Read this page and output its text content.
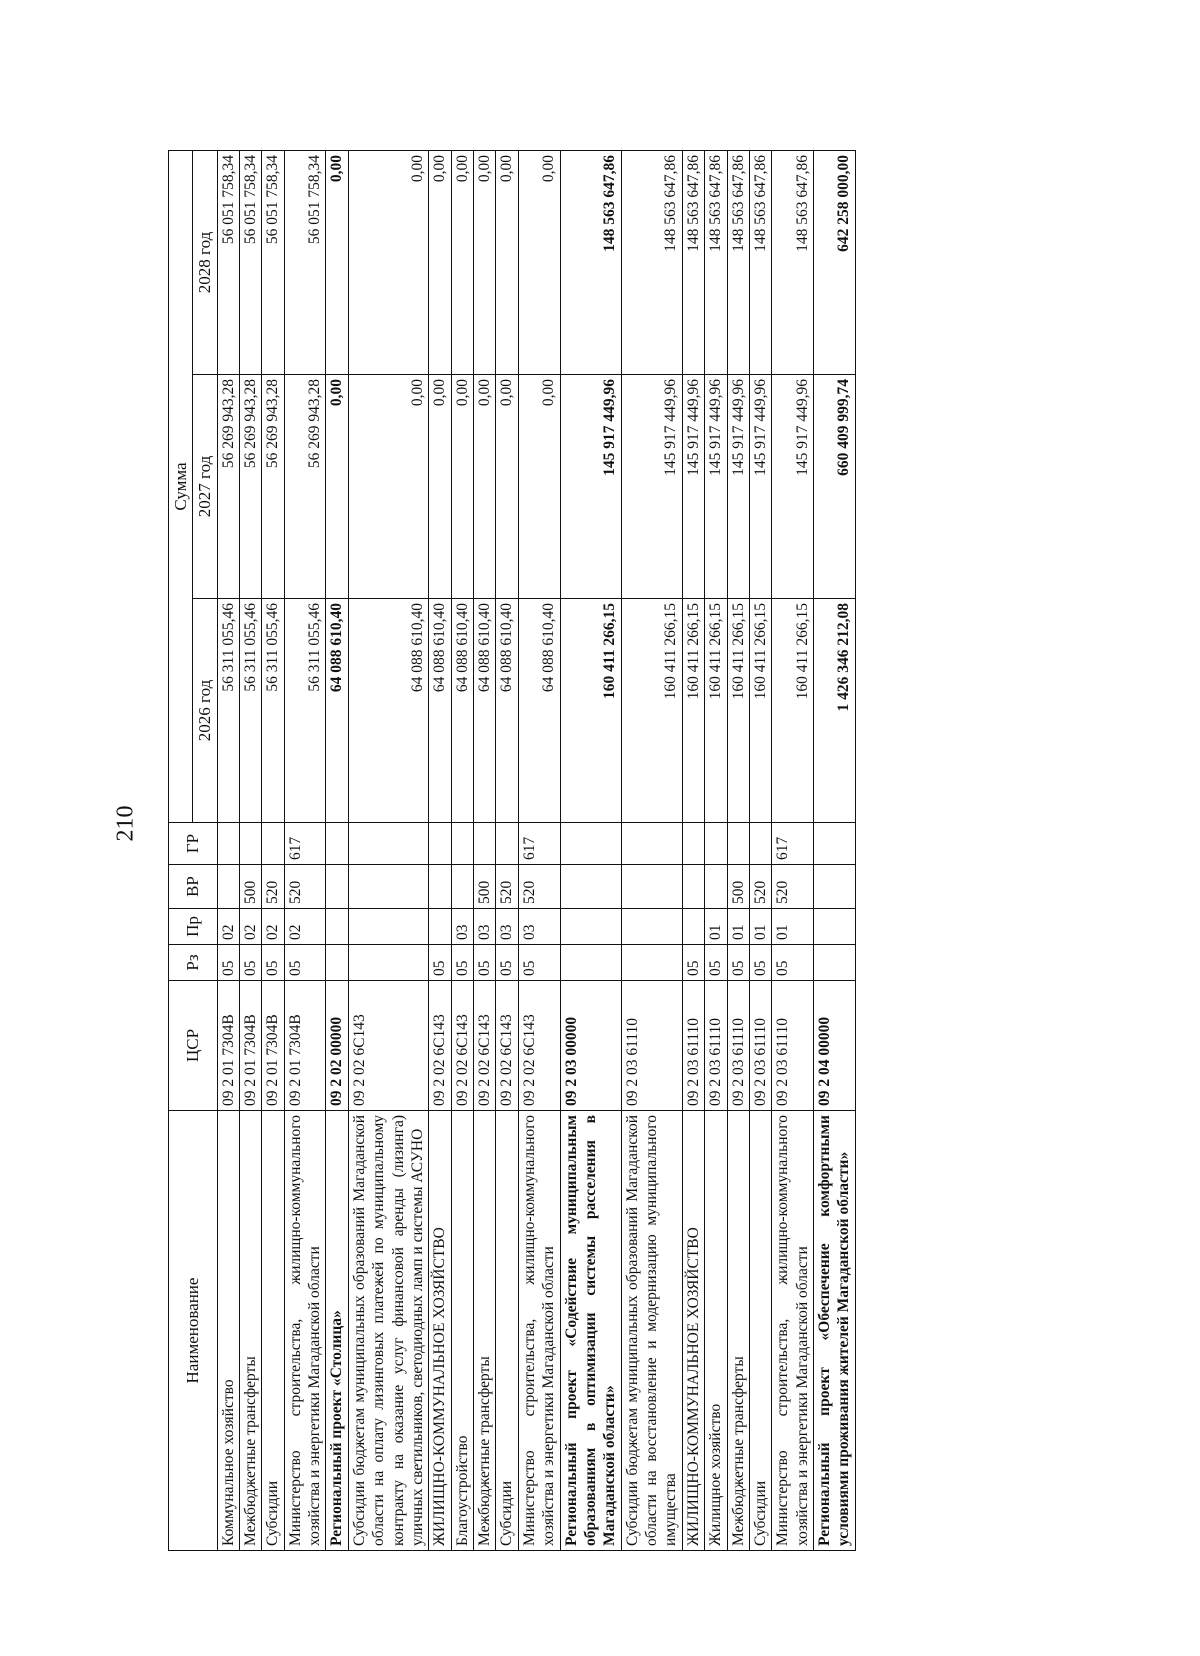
210
Наименование	ЦСР	Рз	Пр	ВР	ГР	Сумма		
						2026 год	2027 год	2028 год
Коммунальное хозяйство	09 2 01 7304B	05	02			56 311 055,46	56 269 943,28	56 051 758,34
Межбюджетные трансферты	09 2 01 7304B	05	02	500		56 311 055,46	56 269 943,28	56 051 758,34
Субсидии	09 2 01 7304B	05	02	520		56 311 055,46	56 269 943,28	56 051 758,34
Министерство строительства, жилищно-коммунального хозяйства и энергетики Магаданской области	09 2 01 7304B	05	02	520	617	56 311 055,46	56 269 943,28	56 051 758,34
Региональный проект «Столица»	09 2 02 00000					64 088 610,40	0,00	0,00
Субсидии бюджетам муниципальных образований Магаданской области на оплату лизинговых платежей по муниципальному контракту на оказание услуг финансовой аренды (лизинга) уличных светильников, светодиодных ламп и системы АСУНО	09 2 02 6С143					64 088 610,40	0,00	0,00
ЖИЛИЩНО-КОММУНАЛЬНОЕ ХОЗЯЙСТВО	09 2 02 6С143	05				64 088 610,40	0,00	0,00
Благоустройство	09 2 02 6С143	05	03			64 088 610,40	0,00	0,00
Межбюджетные трансферты	09 2 02 6С143	05	03	500		64 088 610,40	0,00	0,00
Субсидии	09 2 02 6С143	05	03	520		64 088 610,40	0,00	0,00
Министерство строительства, жилищно-коммунального хозяйства и энергетики Магаданской области	09 2 02 6С143	05	03	520	617	64 088 610,40	0,00	0,00
Региональный проект «Содействие муниципальным образованиям в оптимизации системы расселения в Магаданской области»	09 2 03 00000					160 411 266,15	145 917 449,96	148 563 647,86
Субсидии бюджетам муниципальных образований Магаданской области на восстановление и модернизацию муниципального имущества	09 2 03 61110					160 411 266,15	145 917 449,96	148 563 647,86
ЖИЛИЩНО-КОММУНАЛЬНОЕ ХОЗЯЙСТВО	09 2 03 61110	05				160 411 266,15	145 917 449,96	148 563 647,86
Жилищное хозяйство	09 2 03 61110	05	01			160 411 266,15	145 917 449,96	148 563 647,86
Межбюджетные трансферты	09 2 03 61110	05	01	500		160 411 266,15	145 917 449,96	148 563 647,86
Субсидии	09 2 03 61110	05	01	520		160 411 266,15	145 917 449,96	148 563 647,86
Министерство строительства, жилищно-коммунального хозяйства и энергетики Магаданской области	09 2 03 61110	05	01	520	617	160 411 266,15	145 917 449,96	148 563 647,86
Региональный проект «Обеспечение комфортными условиями проживания жителей Магаданской области»	09 2 04 00000					1 426 346 212,08	660 409 999,74	642 258 000,00
